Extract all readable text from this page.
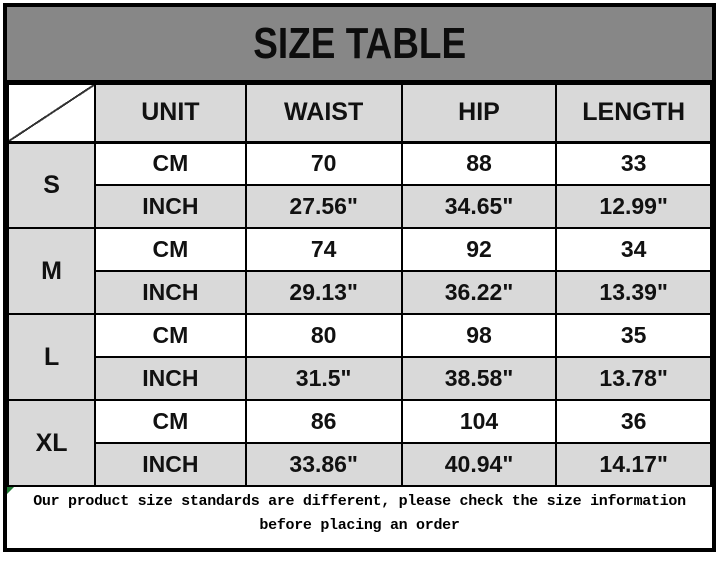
SIZE TABLE
	UNIT	WAIST	HIP	LENGTH
S	CM	70	88	33
	INCH	27.56"	34.65"	12.99"
M	CM	74	92	34
	INCH	29.13"	36.22"	13.39"
L	CM	80	98	35
	INCH	31.5"	38.58"	13.78"
XL	CM	86	104	36
	INCH	33.86"	40.94"	14.17"
Our product size standards are different, please check the size information before placing an order
